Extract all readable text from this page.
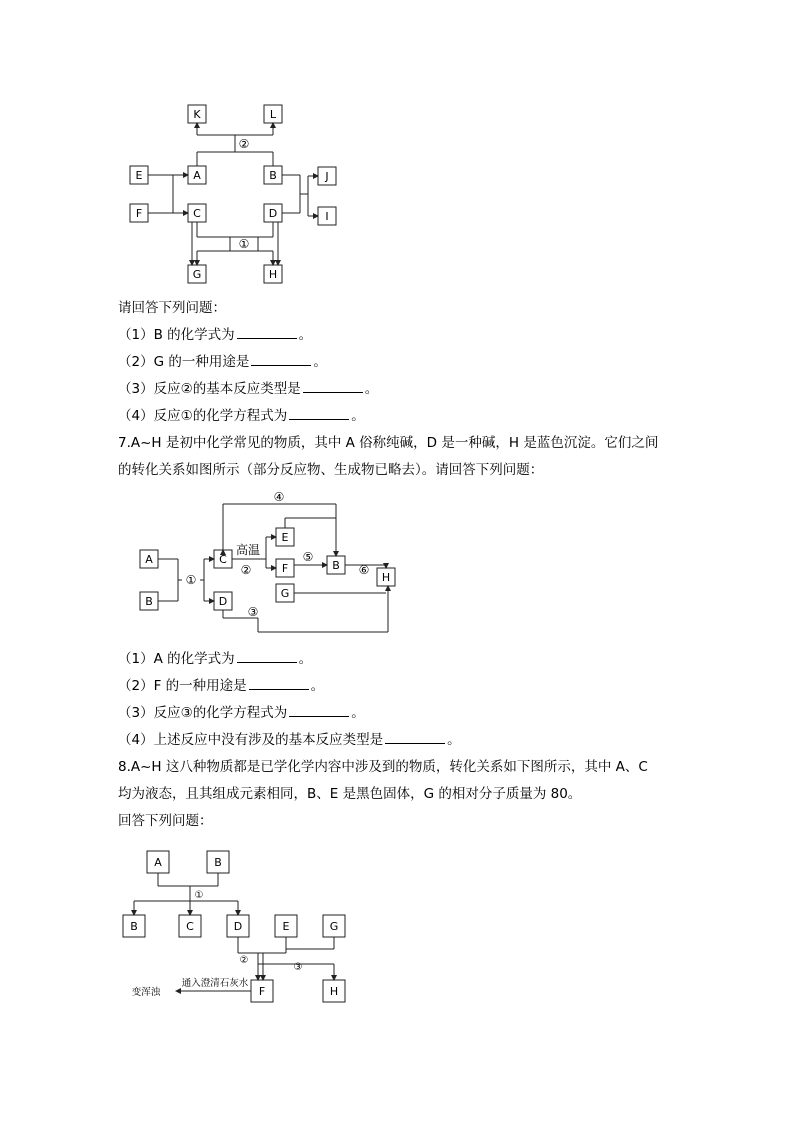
K	L
E	A	B	J
F	C	D	I
G	H
①
②
请回答下列问题：
（1）B 的化学式为	。
（2）G 的一种用途是	。
（3）反应②的基本反应类型是	。
（4）反应①的化学方程式为	。
7.A~H 是初中化学常见的物质，其中 A 俗称纯碱，D 是一种碱，H 是蓝色沉淀。它们之间
的转化关系如图所示（部分反应物、生成物已略去）。请回答下列问题：
A
B
C
D
E
F
G
B
H
高温
①
②
③
④
⑤
⑥
（1）A 的化学式为	。
（2）F 的一种用途是	。
（3）反应③的化学方程式为	。
（4）上述反应中没有涉及的基本反应类型是	。
8.A~H 这八种物质都是已学化学内容中涉及到的物质，转化关系如下图所示，其中 A、C
均为液态，且其组成元素相同，B、E 是黑色固体，G 的相对分子质量为 80。
回答下列问题：
A	B
B	C	D	E	G
F	H
①
②
③
通入澄清石灰水
变浑浊
